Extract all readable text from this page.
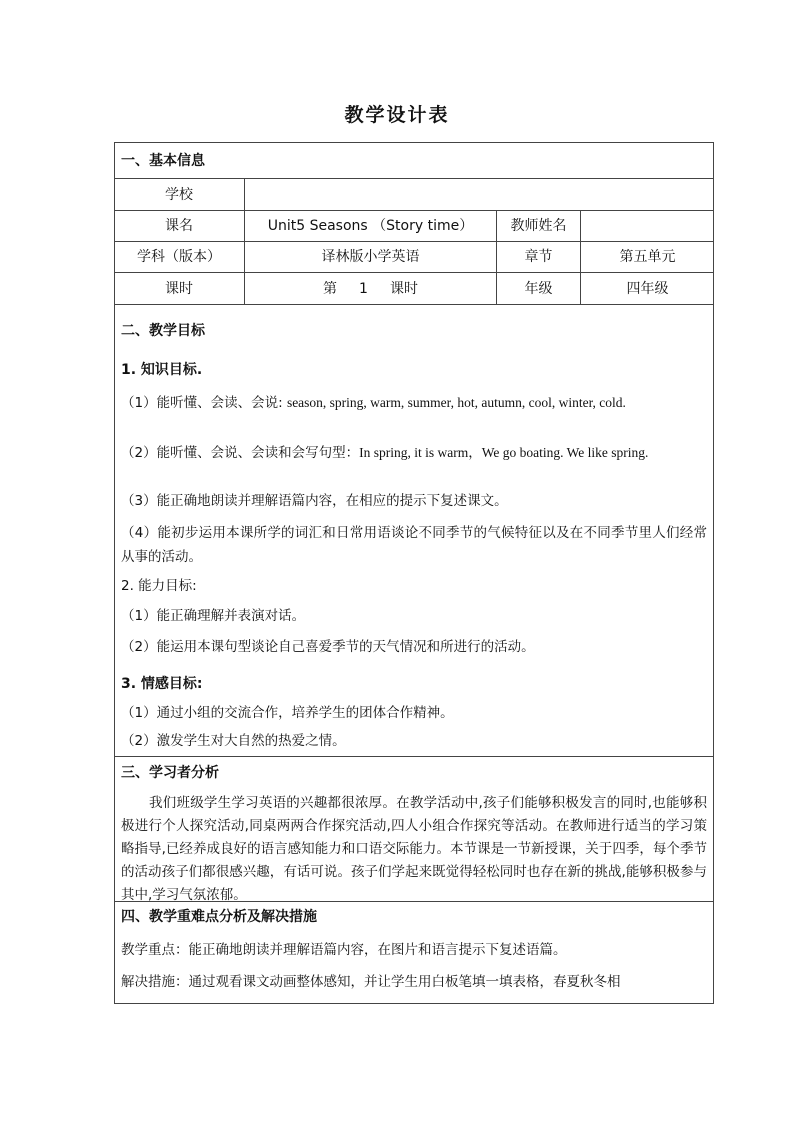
教学设计表
一、基本信息
学校
课名	Unit5 Seasons （Story time）	教师姓名
学科（版本）	译林版小学英语	章节	第五单元
课时	第 1 课时	年级	四年级
二、教学目标
1. 知识目标.
（1）能听懂、会读、会说: season, spring, warm, summer, hot, autumn, cool, winter, cold.
（2）能听懂、会说、会读和会写句型：In spring, it is warm，We go boating. We like spring.
（3）能正确地朗读并理解语篇内容，在相应的提示下复述课文。
（4）能初步运用本课所学的词汇和日常用语谈论不同季节的气候特征以及在不同季节里人们经常从事的活动。
2. 能力目标:
（1）能正确理解并表演对话。
（2）能运用本课句型谈论自己喜爱季节的天气情况和所进行的活动。
3. 情感目标:
（1）通过小组的交流合作，培养学生的团体合作精神。
（2）激发学生对大自然的热爱之情。
三、学习者分析
我们班级学生学习英语的兴趣都很浓厚。在教学活动中,孩子们能够积极发言的同时,也能够积极进行个人探究活动,同桌两两合作探究活动,四人小组合作探究等活动。在教师进行适当的学习策略指导,已经养成良好的语言感知能力和口语交际能力。本节课是一节新授课，关于四季，每个季节的活动孩子们都很感兴趣，有话可说。孩子们学起来既觉得轻松同时也存在新的挑战,能够积极参与其中,学习气氛浓郁。
四、教学重难点分析及解决措施
教学重点：能正确地朗读并理解语篇内容，在图片和语言提示下复述语篇。
解决措施：通过观看课文动画整体感知，并让学生用白板笔填一填表格，春夏秋冬相
